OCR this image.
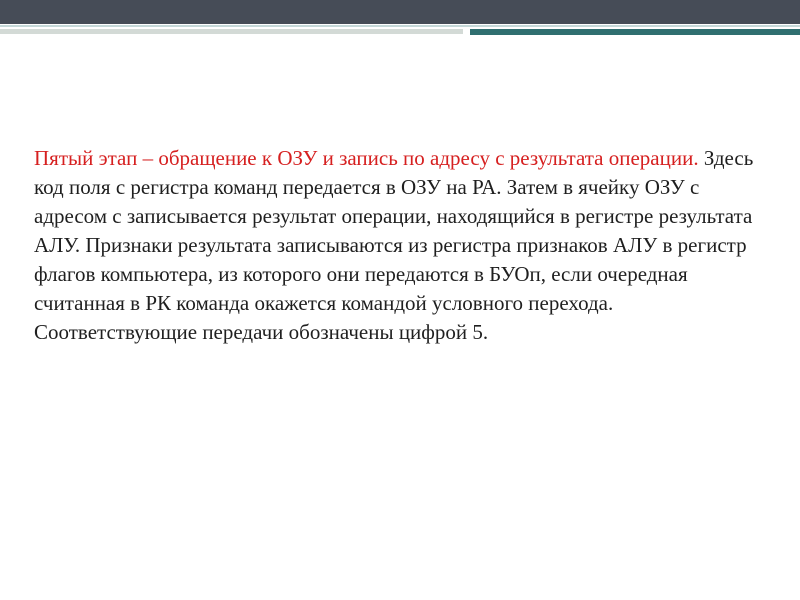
Пятый этап – обращение к ОЗУ и запись по адресу с результата операции. Здесь код поля с регистра команд передается в ОЗУ на РА. Затем в ячейку ОЗУ с адресом с записывается результат операции, находящийся в регистре результата АЛУ. Признаки результата записываются из регистра признаков АЛУ в регистр флагов компьютера, из которого они передаются в БУОп, если очередная считанная в РК команда окажется командой условного перехода. Соответствующие передачи обозначены цифрой 5.
